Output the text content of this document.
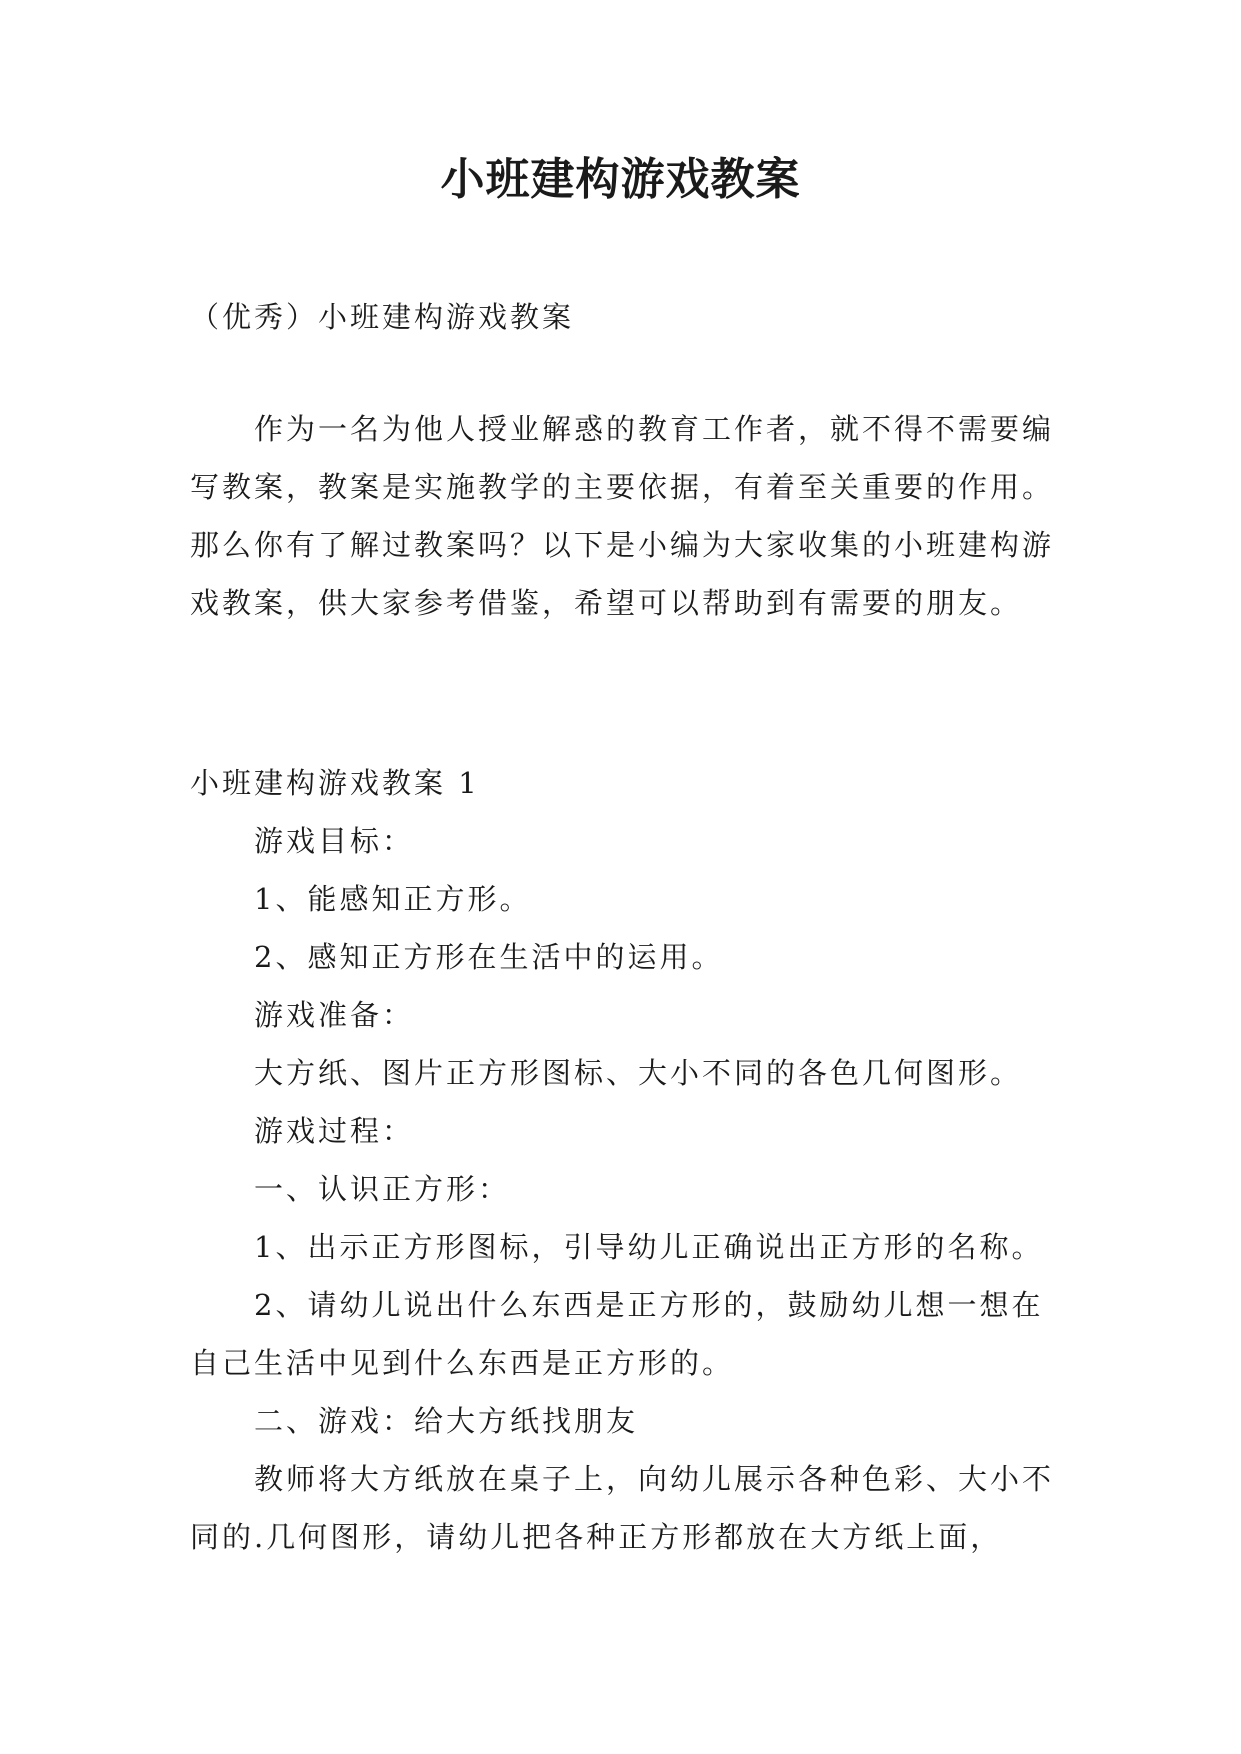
小班建构游戏教案

（优秀）小班建构游戏教案

作为一名为他人授业解惑的教育工作者，就不得不需要编写教案，教案是实施教学的主要依据，有着至关重要的作用。那么你有了解过教案吗？以下是小编为大家收集的小班建构游戏教案，供大家参考借鉴，希望可以帮助到有需要的朋友。

小班建构游戏教案 1

游戏目标：

1、能感知正方形。

2、感知正方形在生活中的运用。

游戏准备：

大方纸、图片正方形图标、大小不同的各色几何图形。

游戏过程：

一、认识正方形：

1、出示正方形图标，引导幼儿正确说出正方形的名称。

2、请幼儿说出什么东西是正方形的，鼓励幼儿想一想在自己生活中见到什么东西是正方形的。

二、游戏：给大方纸找朋友

教师将大方纸放在桌子上，向幼儿展示各种色彩、大小不同的.几何图形，请幼儿把各种正方形都放在大方纸上面，
